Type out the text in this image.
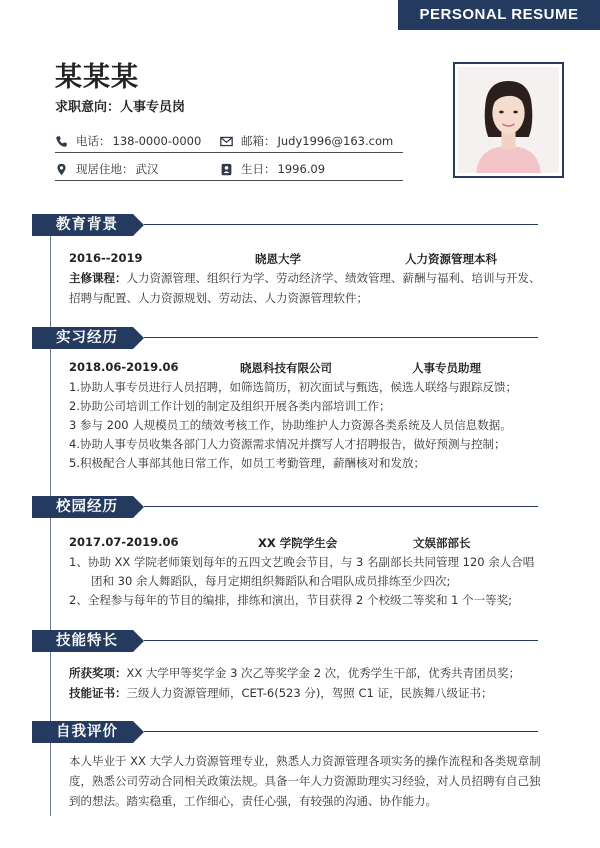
PERSONAL RESUME
某某某
求职意向：人事专员岗
电话： 138-0000-0000	邮箱： Judy1996@163.com
现居住地： 武汉	生日： 1996.09
教育背景
2016--2019	晓恩大学	人力资源管理本科
主修课程：人力资源管理、组织行为学、劳动经济学、绩效管理、薪酬与福利、培训与开发、
招聘与配置、人力资源规划、劳动法、人力资源管理软件；
实习经历
2018.06-2019.06	晓恩科技有限公司	人事专员助理
1.协助人事专员进行人员招聘，如筛选简历，初次面试与甄选，候选人联络与跟踪反馈；
2.协助公司培训工作计划的制定及组织开展各类内部培训工作；
3 参与 200 人规模员工的绩效考核工作，协助维护人力资源各类系统及人员信息数据。
4.协助人事专员收集各部门人力资源需求情况并撰写人才招聘报告，做好预测与控制；
5.积极配合人事部其他日常工作，如员工考勤管理，薪酬核对和发放；
校园经历
2017.07-2019.06	XX 学院学生会	文娱部部长
1、协助 XX 学院老师策划每年的五四文艺晚会节目，与 3 名副部长共同管理 120 余人合唱
团和 30 余人舞蹈队，每月定期组织舞蹈队和合唱队成员排练至少四次;
2、全程参与每年的节目的编排，排练和演出，节目获得 2 个校级二等奖和 1 个一等奖;
技能特长
所获奖项：XX 大学甲等奖学金 3 次乙等奖学金 2 次，优秀学生干部，优秀共青团员奖；
技能证书：三级人力资源管理师，CET-6(523 分)，驾照 C1 证，民族舞八级证书；
自我评价
本人毕业于 XX 大学人力资源管理专业，熟悉人力资源管理各项实务的操作流程和各类规章制
度，熟悉公司劳动合同相关政策法规。具备一年人力资源助理实习经验，对人员招聘有自己独
到的想法。踏实稳重，工作细心，责任心强，有较强的沟通、协作能力。
